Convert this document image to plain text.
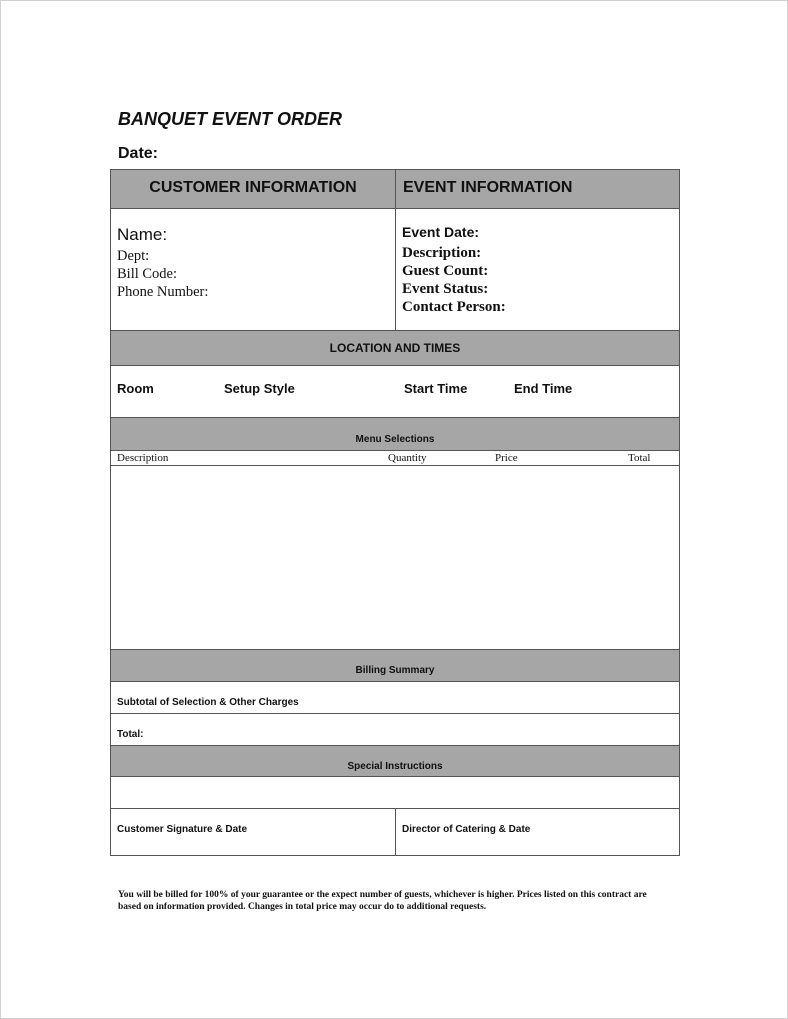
BANQUET EVENT ORDER
Date:
CUSTOMER INFORMATION	EVENT INFORMATION
Name:
Dept:
Bill Code:
Phone Number:
Event Date:
Description:
Guest Count:
Event Status:
Contact Person:
LOCATION AND TIMES
Room	Setup Style	Start Time	End Time
Menu Selections
Description	Quantity	Price	Total
Billing Summary
Subtotal of Selection & Other Charges
Total:
Special Instructions
Customer Signature & Date	Director of Catering & Date
You will be billed for 100% of your guarantee or the expect number of guests, whichever is higher. Prices listed on this contract are based on information provided. Changes in total price may occur do to additional requests.
